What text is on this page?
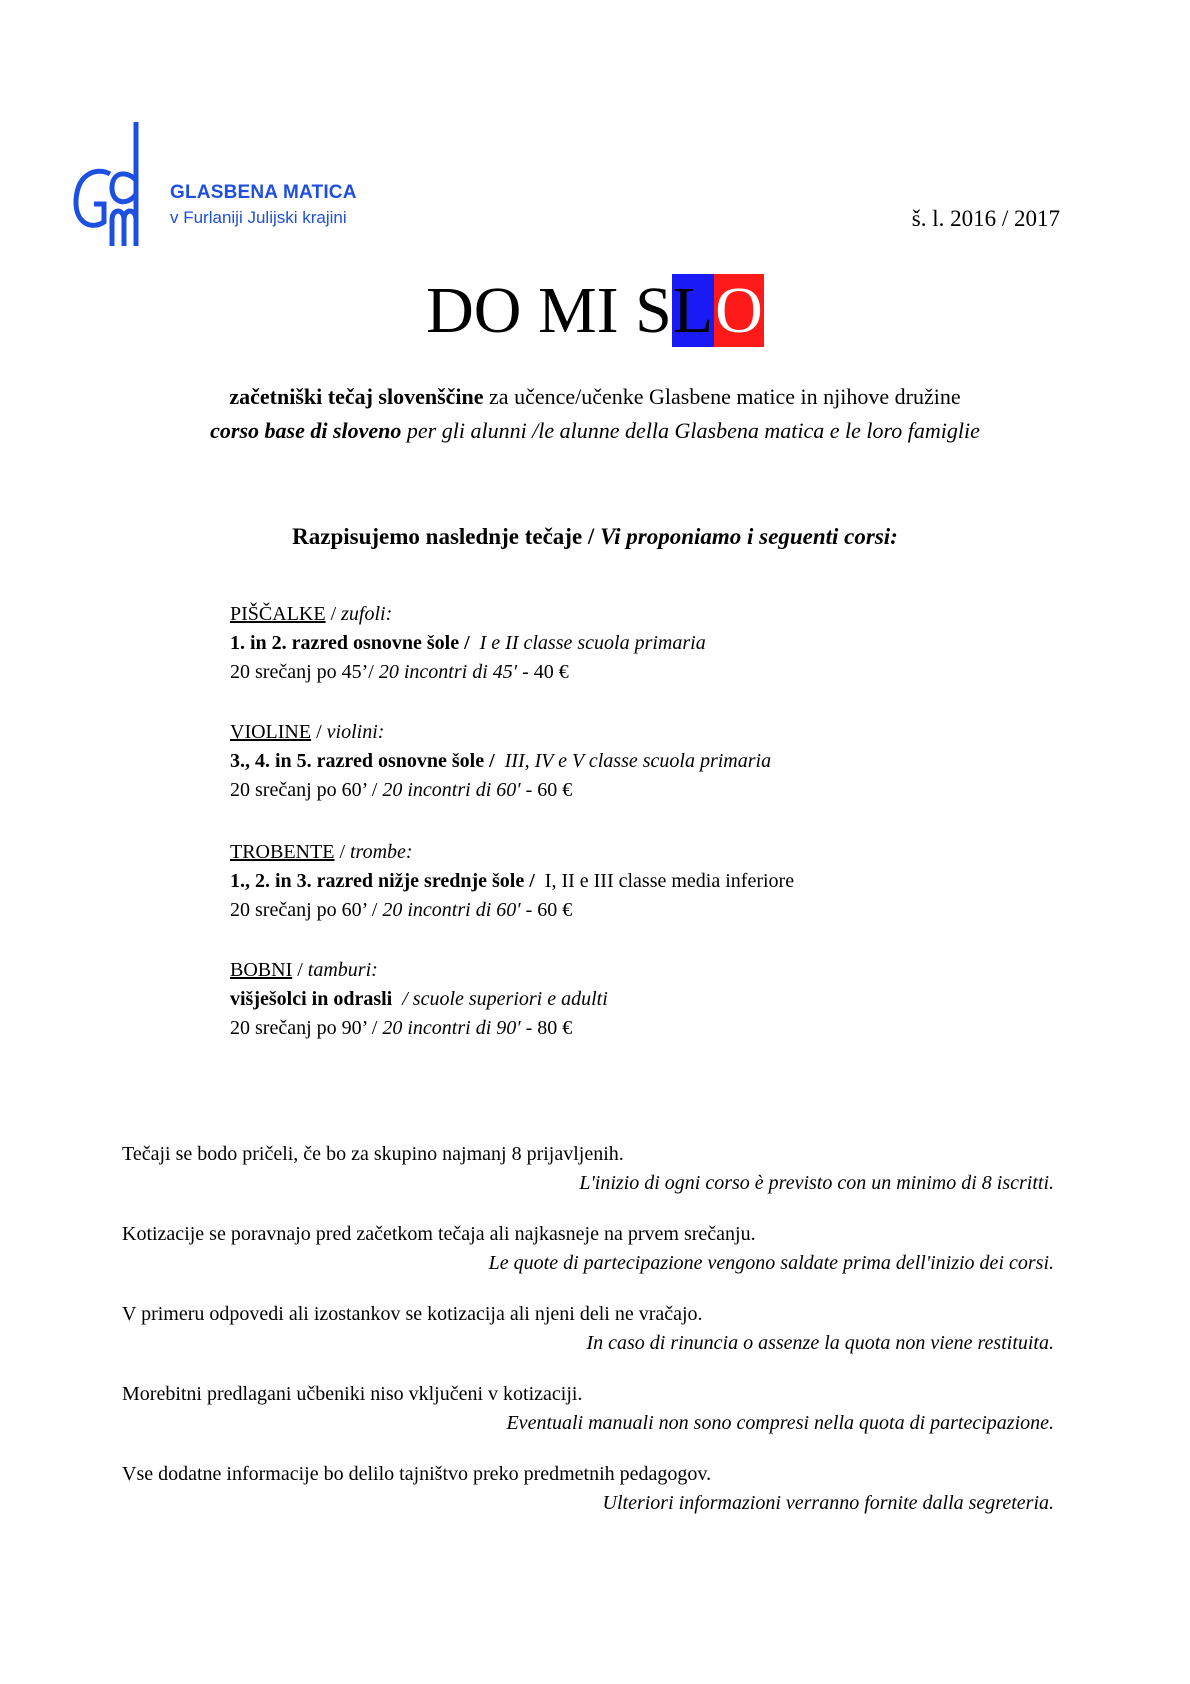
GLASBENA MATICA
v Furlaniji Julijski krajini	š. l. 2016 / 2017
DO MI SLO
začetniški tečaj slovenščine za učence/učenke Glasbene matice in njihove družine
corso base di sloveno per gli alunni /le alunne della Glasbena matica e le loro famiglie
Razpisujemo naslednje tečaje / Vi proponiamo i seguenti corsi:
PIŠČALKE / zufoli:
1. in 2. razred osnovne šole / I e II classe scuola primaria
20 srečanj po 45’/ 20 incontri di 45′ - 40 €
VIOLINE / violini:
3., 4. in 5. razred osnovne šole / III, IV e V classe scuola primaria
20 srečanj po 60’ / 20 incontri di 60′ - 60 €
TROBENTE / trombe:
1., 2. in 3. razred nižje srednje šole / I, II e III classe media inferiore
20 srečanj po 60’ / 20 incontri di 60′ - 60 €
BOBNI / tamburi:
višješolci in odrasli / scuole superiori e adulti
20 srečanj po 90’ / 20 incontri di 90′ - 80 €
Tečaji se bodo pričeli, če bo za skupino najmanj 8 prijavljenih.
L'inizio di ogni corso è previsto con un minimo di 8 iscritti.
Kotizacije se poravnajo pred začetkom tečaja ali najkasneje na prvem srečanju.
Le quote di partecipazione vengono saldate prima dell'inizio dei corsi.
V primeru odpovedi ali izostankov se kotizacija ali njeni deli ne vračajo.
In caso di rinuncia o assenze la quota non viene restituita.
Morebitni predlagani učbeniki niso vključeni v kotizaciji.
Eventuali manuali non sono compresi nella quota di partecipazione.
Vse dodatne informacije bo delilo tajništvo preko predmetnih pedagogov.
Ulteriori informazioni verranno fornite dalla segreteria.
